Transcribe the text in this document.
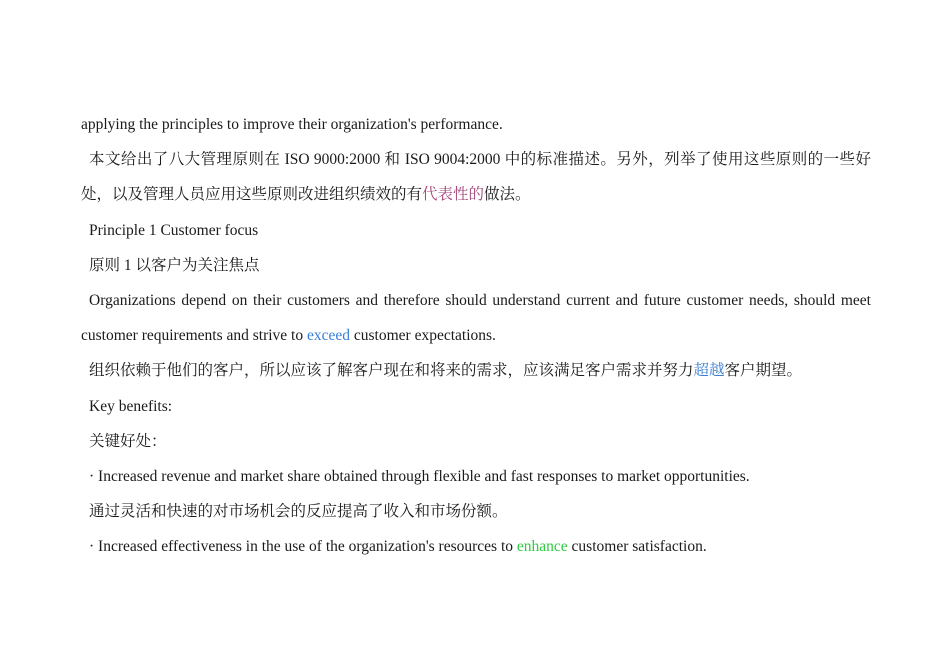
applying the principles to improve their organization's performance.
本文给出了八大管理原则在 ISO 9000:2000 和 ISO 9004:2000 中的标准描述。另外，列举了使用这些原则的一些好
处，以及管理人员应用这些原则改进组织绩效的有代表性的做法。
Principle 1 Customer focus
原则 1 以客户为关注焦点
Organizations depend on their customers and therefore should understand current and future customer needs, should meet
customer requirements and strive to exceed customer expectations.
组织依赖于他们的客户，所以应该了解客户现在和将来的需求，应该满足客户需求并努力超越客户期望。
Key benefits:
关键好处：
· Increased revenue and market share obtained through flexible and fast responses to market opportunities.
通过灵活和快速的对市场机会的反应提高了收入和市场份额。
· Increased effectiveness in the use of the organization's resources to enhance customer satisfaction.
